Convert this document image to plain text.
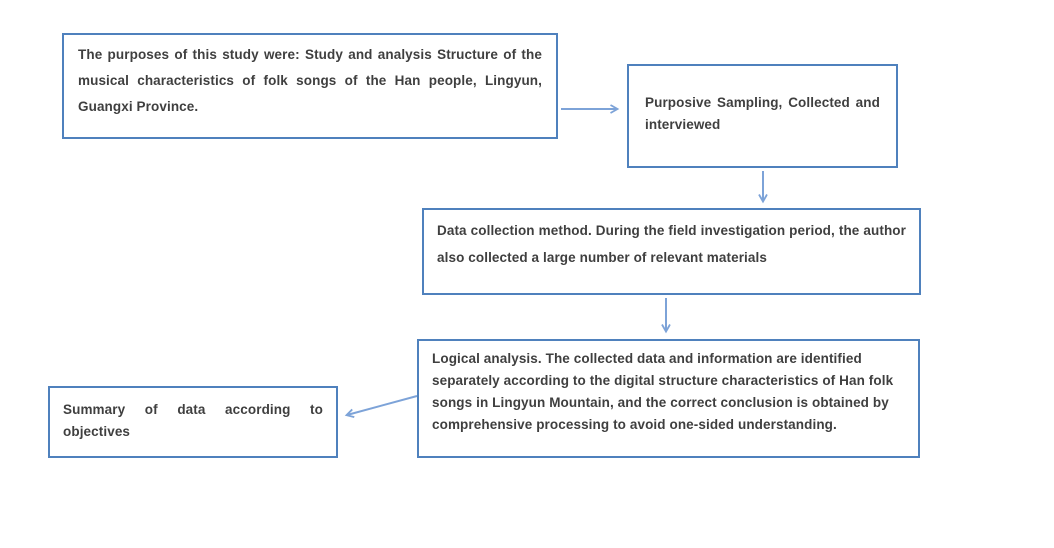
The purposes of this study were: Study and analysis Structure of the musical characteristics of folk songs of the Han people, Lingyun, Guangxi Province.	Purposive Sampling, Collected and interviewed
Data collection method. During the field investigation period, the author also collected a large number of relevant materials
Logical analysis. The collected data and information are identified separately according to the digital structure characteristics of Han folk songs in Lingyun Mountain, and the correct conclusion is obtained by comprehensive processing to avoid one-sided understanding.
Summary of data according to objectives
